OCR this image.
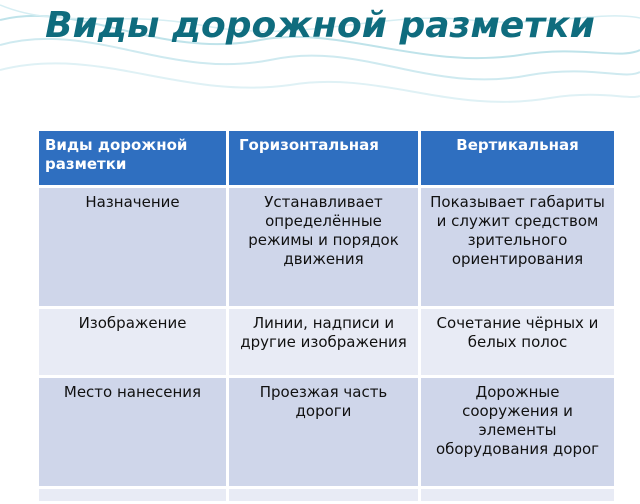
Виды дорожной разметки
Виды дорожной разметки	Горизонтальная	Вертикальная
Назначение	Устанавливает определённые режимы и порядок движения	Показывает габариты и служит средством зрительного ориентирования
Изображение	Линии, надписи и другие изображения	Сочетание чёрных и белых полос
Место нанесения	Проезжая часть дороги	Дорожные сооружения и элементы оборудования дорог
